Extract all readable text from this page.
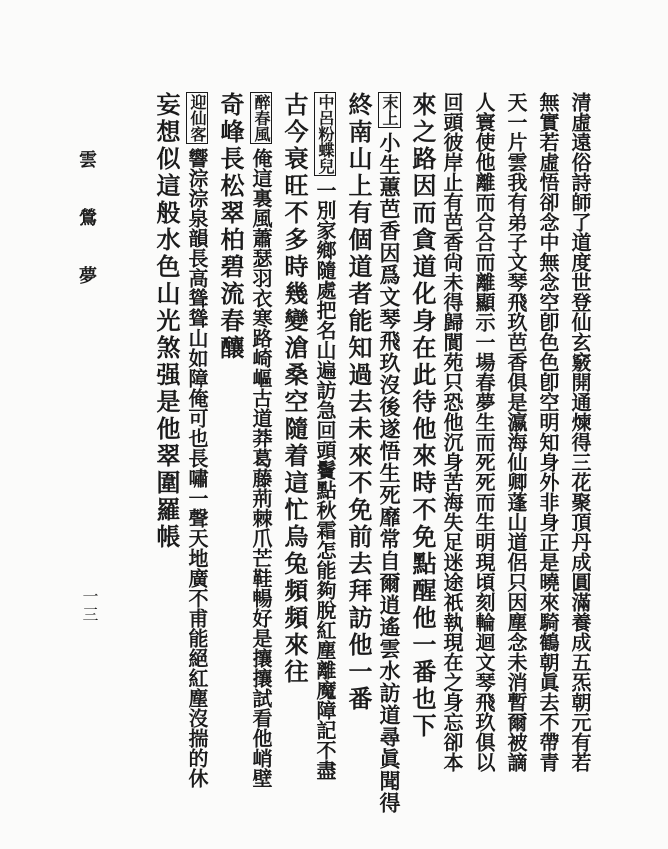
雲鶯夢
一三	清虛遠俗詩師了道度世登仙玄竅開通煉得三花聚頂丹成圓滿養成五炁朝元有若
無實若虛悟卻念中無念空卽色色卽空明知身外非身正是曉來騎鶴朝眞去不帶青
天一片雲我有弟子文琴飛玖芭香俱是瀛海仙卿蓬山道侶只因塵念未消暫爾被謫
人寰使他離而合合而離顯示一場春夢生而死死而生明現頃刻輪迴文琴飛玖俱以
回頭彼岸止有芭香尙未得歸閬苑只恐他沉身苦海失足迷途祇執現在之身忘卻本
來之路因而貪道化身在此待他來時不免點醒他一番也下
末上小生蕙芭香因爲文琴飛玖沒後遂悟生死靡常自爾逍遙雲水訪道尋眞聞得
終南山上有個道者能知過去未來不免前去拜訪他一番
中呂粉蝶兒一別家鄉隨處把名山遍訪急回頭鬢點秋霜怎能夠脫紅塵離魔障記不盡
古今衰旺不多時幾變滄桑空隨着這忙烏兔頻頻來往
醉春風俺這裏風蕭瑟羽衣寒路崎嶇古道莽葛藤荊棘爪芒鞋暢好是攘攘試看他峭壁
奇峰長松翠柏碧流春釀
迎仙客響淙淙泉韻長高聳聳山如障俺可也長嘯一聲天地廣不甫能絕紅塵沒揣的休
妄想似這般水色山光煞强是他翠圍羅帳
